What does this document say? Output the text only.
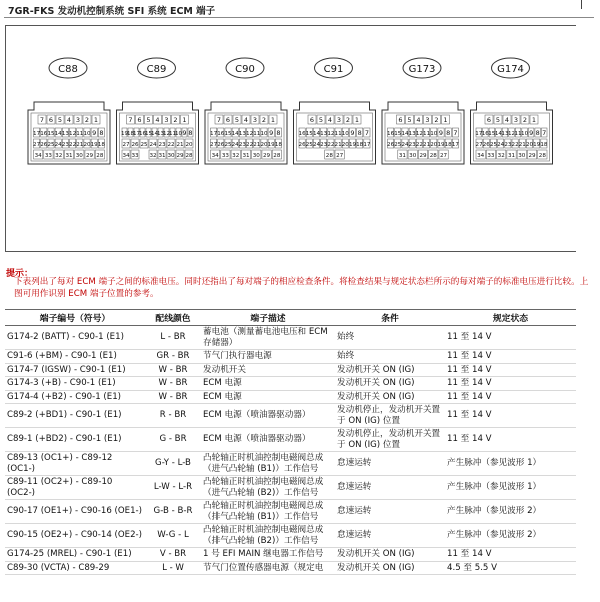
7GR-FKS 发动机控制系统 SFI 系统 ECM 端子
C88
7 6 5 4 3 2 1
17 16 15 14 13 12 11 10 9 8
27 26 25 24 23 22 21 20 19 18
34 33 32 31 30 29 28
C89
7 6 5 4 3 2 1
19
18
17
16
15
14
13
12
11
10 9 8
27 26 25 24 23 22 21 20
34 33 32 31 30 29 28
C90
7 6 5 4 3 2 1
17 16 15 14 13 12 11 10 9 8
27 26 25 24 23 22 21 20 19 18
34 33 32 31 30 29 28
C91
6 5 4 3 2 1
16 15 14 13 12 11 10 9 8 7
26 25 24 23 22 21 20 19 18 17
28 27
G173
6 5 4 3 2 1
16 15 14 13 12 11 10 9 8 7
26 25 24 23 22 21 20 19 18 17
31 30 29 28 27
G174
6 5 4 3 2 1
17 16 15 14 13 12 11 10 9 8 7
27 26 25 24 23 22 21 20 19 18
34 33 32 31 30 29 28
提示：
下表列出了每对 ECM 端子之间的标准电压。同时还指出了每对端子的相应检查条件。将检查结果与规定状态栏所示的每对端子的标准电压进行比较。上图可用作识别 ECM 端子位置的参考。
端子编号（符号）	配线颜色	端子描述	条件	规定状态
G174-2 (BATT) - C90-1 (E1)	L - BR	蓄电池（测量蓄电池电压和 ECM 存储器）	始终	11 至 14 V
C91-6 (+BM) - C90-1 (E1)	GR - BR	节气门执行器电源	始终	11 至 14 V
G174-7 (IGSW) - C90-1 (E1)	W - BR	发动机开关	发动机开关 ON (IG)	11 至 14 V
G174-3 (+B) - C90-1 (E1)	W - BR	ECM 电源	发动机开关 ON (IG)	11 至 14 V
G174-4 (+B2) - C90-1 (E1)	W - BR	ECM 电源	发动机开关 ON (IG)	11 至 14 V
C89-2 (+BD1) - C90-1 (E1)	R - BR	ECM 电源（喷油器驱动器）	发动机停止，发动机开关置于 ON (IG) 位置	11 至 14 V
C89-1 (+BD2) - C90-1 (E1)	G - BR	ECM 电源（喷油器驱动器）	发动机停止，发动机开关置于 ON (IG) 位置	11 至 14 V
C89-13 (OC1+) - C89-12 (OC1-)	G-Y - L-B	凸轮轴正时机油控制电磁阀总成（进气凸轮轴 (B1)）工作信号	怠速运转	产生脉冲（参见波形 1）
C89-11 (OC2+) - C89-10 (OC2-)	L-W - L-R	凸轮轴正时机油控制电磁阀总成（进气凸轮轴 (B2)）工作信号	怠速运转	产生脉冲（参见波形 1）
C90-17 (OE1+) - C90-16 (OE1-)	G-B - B-R	凸轮轴正时机油控制电磁阀总成（排气凸轮轴 (B1)）工作信号	怠速运转	产生脉冲（参见波形 2）
C90-15 (OE2+) - C90-14 (OE2-)	W-G - L	凸轮轴正时机油控制电磁阀总成（排气凸轮轴 (B2)）工作信号	怠速运转	产生脉冲（参见波形 2）
G174-25 (MREL) - C90-1 (E1)	V - BR	1 号 EFI MAIN 继电器工作信号	发动机开关 ON (IG)	11 至 14 V
C89-30 (VCTA) - C89-29	L - W	节气门位置传感器电源（规定电	发动机开关 ON (IG)	4.5 至 5.5 V
